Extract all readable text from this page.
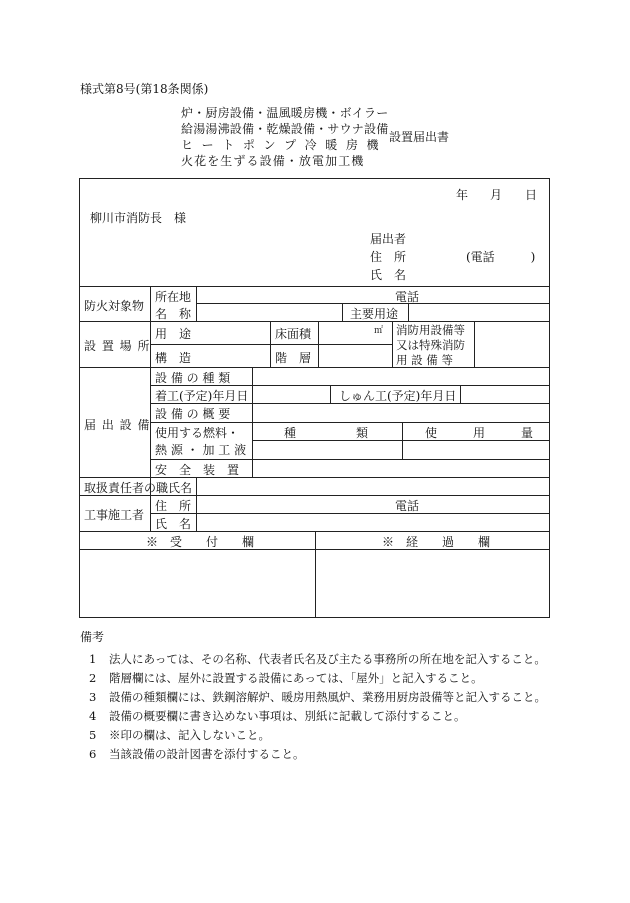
様式第8号(第18条関係)
炉・厨房設備・温風暖房機・ボイラー
給湯湯沸設備・乾燥設備・サウナ設備
ヒ ー ト ポ ン プ 冷 暖 房 機
火花を生ずる設備・放電加工機
設置届出書
年 月 日
柳川市消防長　様
届出者
住　所	(電話　　　)
氏　名
防火対象物
所在地	電話
名　称	主要用途
設 置 場 所
用　途	床面積	㎡ 消防用設備等
又は特殊消防
用 設 備 等
構　造	階　層
届 出 設 備
設 備 の 種 類
着工(予定)年月日	しゅん工(予定)年月日
設 備 の 概 要
使用する燃料・
熱 源 ・ 加 工 液
種　　　　　類	使　　　用　　　量
安　全　装　置
取扱責任者の職氏名
工事施工者
住　所	電話
氏　名
※　受　　付　　欄	※　経　　過　　欄
備考
1 法人にあっては、その名称、代表者氏名及び主たる事務所の所在地を記入すること。
2 階層欄には、屋外に設置する設備にあっては、「屋外」と記入すること。
3 設備の種類欄には、鉄鋼溶解炉、暖房用熱風炉、業務用厨房設備等と記入すること。
4 設備の概要欄に書き込めない事項は、別紙に記載して添付すること。
5 ※印の欄は、記入しないこと。
6 当該設備の設計図書を添付すること。
